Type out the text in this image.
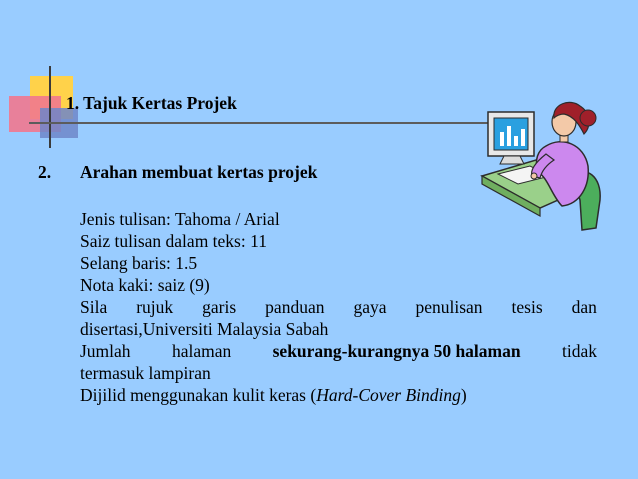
1. Tajuk Kertas Projek
2. Arahan membuat kertas projek
Jenis tulisan: Tahoma / Arial
Saiz tulisan dalam teks: 11
Selang baris: 1.5
Nota kaki: saiz (9)
Sila rujuk garis panduan gaya penulisan tesis dan
disertasi,Universiti Malaysia Sabah
Jumlah halaman sekurang-kurangnya 50 halaman tidak
termasuk lampiran
Dijilid menggunakan kulit keras (Hard-Cover Binding)
